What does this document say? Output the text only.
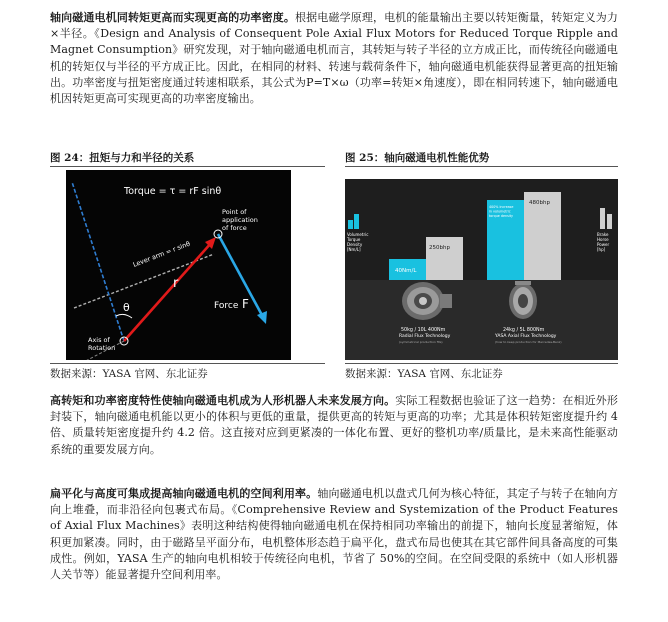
轴向磁通电机同转矩更高而实现更高的功率密度。根据电磁学原理，电机的能量输出主要以转矩衡量，转矩定义为力×半径。《Design and Analysis of Consequent Pole Axial Flux Motors for Reduced Torque Ripple and Magnet Consumption》研究发现，对于轴向磁通电机而言，其转矩与转子半径的立方成正比，而传统径向磁通电机的转矩仅与半径的平方成正比。因此，在相同的材料、转速与载荷条件下，轴向磁通电机能获得显著更高的扭矩输出。功率密度与扭矩密度通过转速相联系，其公式为P=T×ω（功率=转矩×角速度），即在相同转速下，轴向磁通电机因转矩更高可实现更高的功率密度输出。
图 24：扭矩与力和半径的关系	图 25：轴向磁通电机性能优势
Torque = τ = rF sinθ
Lever arm = r sinθ
r
Point of
application
of force
Force F
θ
Axis of
Rotation
Volumetric
Torque
Density
[Nm/L]
Brake
Horse
Power
[hp]
40Nm/L
250bhp
400% increase in volumetric torque density
480bhp
50kg / 10L 400Nm
Radial Flux Technology
(symmetrical production fits)
24kg / 5L 800Nm
YASA Axial Flux Technology
(how to keep production for Mercedes-Benz)
数据来源：YASA 官网、东北证券	数据来源：YASA 官网、东北证券
高转矩和功率密度特性使轴向磁通电机成为人形机器人未来发展方向。实际工程数据也验证了这一趋势：在相近外形封装下，轴向磁通电机能以更小的体积与更低的重量，提供更高的转矩与更高的功率；尤其是体积转矩密度提升约 4 倍、质量转矩密度提升约 4.2 倍。这直接对应到更紧凑的一体化布置、更好的整机功率/质量比，是未来高性能驱动系统的重要发展方向。
扁平化与高度可集成提高轴向磁通电机的空间利用率。轴向磁通电机以盘式几何为核心特征，其定子与转子在轴向方向上堆叠，而非沿径向包裹式布局。《Comprehensive Review and Systemization of the Product Features of Axial Flux Machines》表明这种结构使得轴向磁通电机在保持相同功率输出的前提下，轴向长度显著缩短，体积更加紧凑。同时，由于磁路呈平面分布，电机整体形态趋于扁平化，盘式布局也使其在其它部件间具备高度的可集成性。例如，YASA 生产的轴向电机相较于传统径向电机，节省了 50%的空间。在空间受限的系统中（如人形机器人关节等）能显著提升空间利用率。
